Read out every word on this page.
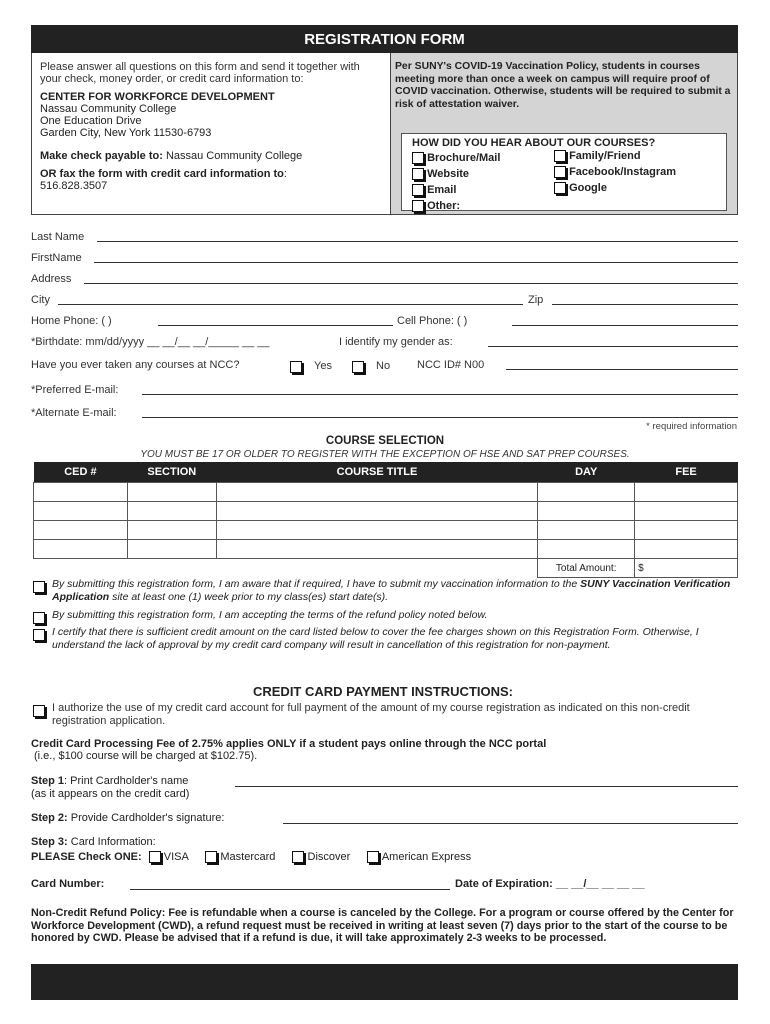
REGISTRATION FORM
Please answer all questions on this form and send it together with your check, money order, or credit card information to:
CENTER FOR WORKFORCE DEVELOPMENT
Nassau Community College
One Education Drive
Garden City, New York 11530-6793
Make check payable to: Nassau Community College
OR fax the form with credit card information to:
516.828.3507
Per SUNY's COVID-19 Vaccination Policy, students in courses meeting more than once a week on campus will require proof of COVID vaccination. Otherwise, students will be required to submit a risk of attestation waiver.
HOW DID YOU HEAR ABOUT OUR COURSES?
Brochure/Mail	Family/Friend
Website	Facebook/Instagram
Email	Google
Other:
Last Name
FirstName
Address
City	Zip
Home Phone: ( )	Cell Phone: ( )
*Birthdate: mm/dd/yyyy __ __/__ __/_____ __ __	I identify my gender as:
Have you ever taken any courses at NCC?	Yes	No NCC ID# N00
*Preferred E-mail:
*Alternate E-mail:
* required information
COURSE SELECTION
YOU MUST BE 17 OR OLDER TO REGISTER WITH THE EXCEPTION OF HSE AND SAT PREP COURSES.
CED #	SECTION	COURSE TITLE	DAY	FEE

			Total Amount:	$
By submitting this registration form, I am aware that if required, I have to submit my vaccination information to the SUNY Vaccination Verification Application site at least one (1) week prior to my class(es) start date(s).
By submitting this registration form, I am accepting the terms of the refund policy noted below.
I certify that there is sufficient credit amount on the card listed below to cover the fee charges shown on this Registration Form. Otherwise, I understand the lack of approval by my credit card company will result in cancellation of this registration for non-payment.
CREDIT CARD PAYMENT INSTRUCTIONS:
I authorize the use of my credit card account for full payment of the amount of my course registration as indicated on this non-credit registration application.
Credit Card Processing Fee of 2.75% applies ONLY if a student pays online through the NCC portal
(i.e., $100 course will be charged at $102.75).
Step 1: Print Cardholder's name
(as it appears on the credit card)
Step 2: Provide Cardholder's signature:
Step 3: Card Information:
PLEASE Check ONE: VISA	Mastercard	Discover	American Express
Card Number:	Date of Expiration: __ __/__ __ __ __
Non-Credit Refund Policy: Fee is refundable when a course is canceled by the College. For a program or course offered by the Center for Workforce Development (CWD), a refund request must be received in writing at least seven (7) days prior to the start of the course to be honored by CWD. Please be advised that if a refund is due, it will take approximately 2-3 weeks to be processed.
